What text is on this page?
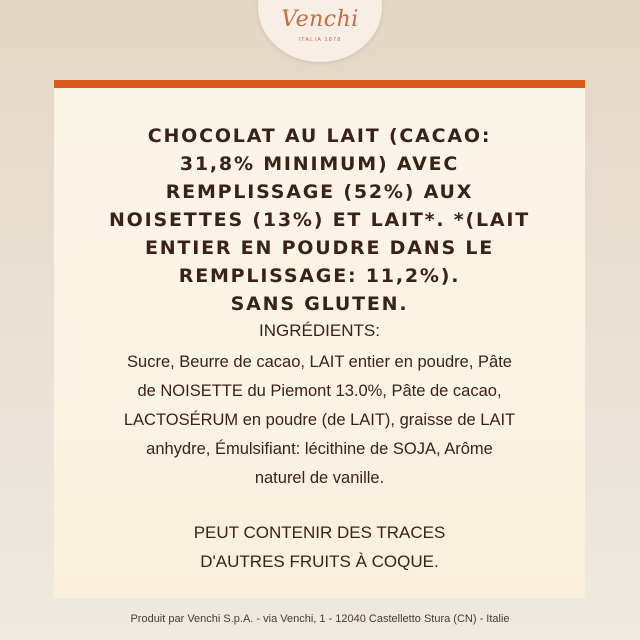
Venchi
ITALIA 1878
CHOCOLAT AU LAIT (CACAO:
31,8% MINIMUM) AVEC
REMPLISSAGE (52%) AUX
NOISETTES (13%) ET LAIT*. *(LAIT
ENTIER EN POUDRE DANS LE
REMPLISSAGE: 11,2%).
SANS GLUTEN.
INGRÉDIENTS:
Sucre, Beurre de cacao, LAIT entier en poudre, Pâte
de NOISETTE du Piemont 13.0%, Pâte de cacao,
LACTOSÉRUM en poudre (de LAIT), graisse de LAIT
anhydre, Émulsifiant: lécithine de SOJA, Arôme
naturel de vanille.
PEUT CONTENIR DES TRACES
D'AUTRES FRUITS À COQUE.
Produit par Venchi S.p.A. - via Venchi, 1 - 12040 Castelletto Stura (CN) - Italie
